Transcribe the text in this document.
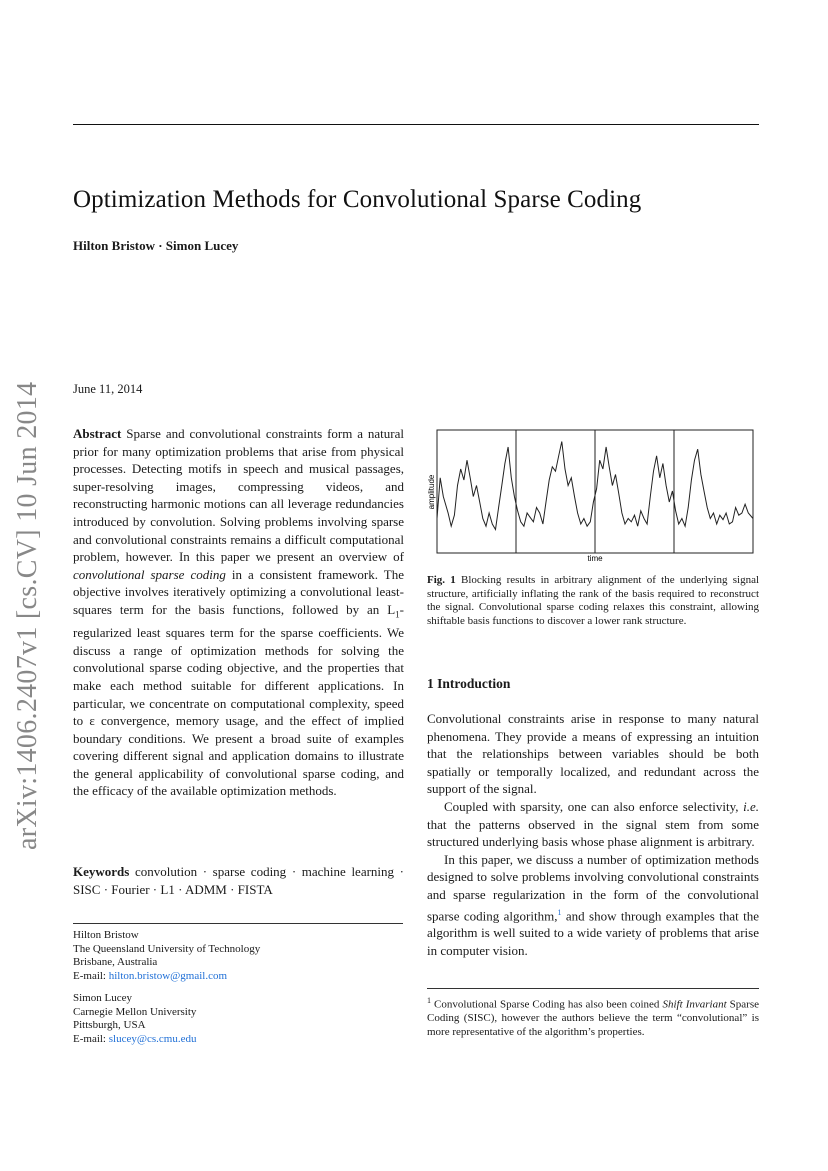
arXiv:1406.2407v1 [cs.CV] 10 Jun 2014
Optimization Methods for Convolutional Sparse Coding
Hilton Bristow · Simon Lucey
June 11, 2014
Abstract Sparse and convolutional constraints form a natural prior for many optimization problems that arise from physical processes. Detecting motifs in speech and musical passages, super-resolving images, compressing videos, and reconstructing harmonic motions can all leverage redundancies introduced by convolution. Solving problems involving sparse and convolutional constraints remains a difficult computational problem, however. In this paper we present an overview of convolutional sparse coding in a consistent framework. The objective involves iteratively optimizing a convolutional least-squares term for the basis functions, followed by an $L_1$-regularized least squares term for the sparse coefficients. We discuss a range of optimization methods for solving the convolutional sparse coding objective, and the properties that make each method suitable for different applications. In particular, we concentrate on computational complexity, speed to ε convergence, memory usage, and the effect of implied boundary conditions. We present a broad suite of examples covering different signal and application domains to illustrate the general applicability of convolutional sparse coding, and the efficacy of the available optimization methods.
Keywords convolution · sparse coding · machine learning · SISC · Fourier · L1 · ADMM · FISTA
Hilton Bristow
The Queensland University of Technology
Brisbane, Australia
E-mail: hilton.bristow@gmail.com
Simon Lucey
Carnegie Mellon University
Pittsburgh, USA
E-mail: slucey@cs.cmu.edu
amplitude
time
Fig. 1 Blocking results in arbitrary alignment of the underlying signal structure, artificially inflating the rank of the basis required to reconstruct the signal. Convolutional sparse coding relaxes this constraint, allowing shiftable basis functions to discover a lower rank structure.
1 Introduction

Convolutional constraints arise in response to many natural phenomena. They provide a means of expressing an intuition that the relationships between variables should be both spatially or temporally localized, and redundant across the support of the signal.

Coupled with sparsity, one can also enforce selectivity, i.e. that the patterns observed in the signal stem from some structured underlying basis whose phase alignment is arbitrary.

In this paper, we discuss a number of optimization methods designed to solve problems involving convolutional constraints and sparse regularization in the form of the convolutional sparse coding algorithm,$^1$ and show through examples that the algorithm is well suited to a wide variety of problems that arise in computer vision.

$^1$ Convolutional Sparse Coding has also been coined Shift Invariant Sparse Coding (SISC), however the authors believe the term “convolutional” is more representative of the algorithm’s properties.
